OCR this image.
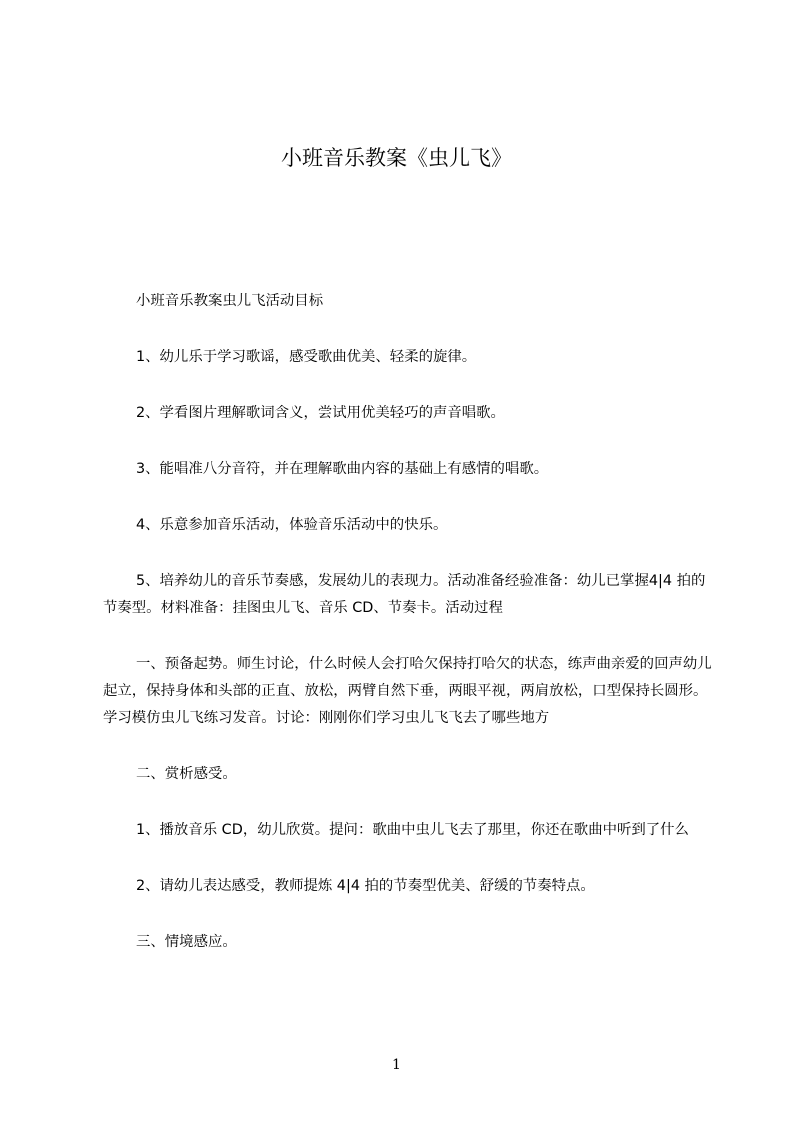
小班音乐教案《虫儿飞》

小班音乐教案虫儿飞活动目标

1、幼儿乐于学习歌谣，感受歌曲优美、轻柔的旋律。

2、学看图片理解歌词含义，尝试用优美轻巧的声音唱歌。

3、能唱准八分音符，并在理解歌曲内容的基础上有感情的唱歌。

4、乐意参加音乐活动，体验音乐活动中的快乐。

5、培养幼儿的音乐节奏感，发展幼儿的表现力。活动准备经验准备：幼儿已掌握4|4 拍的节奏型。材料准备：挂图虫儿飞、音乐 CD、节奏卡。活动过程

一、预备起势。师生讨论，什么时候人会打哈欠保持打哈欠的状态，练声曲亲爱的回声幼儿起立，保持身体和头部的正直、放松，两臂自然下垂，两眼平视，两肩放松，口型保持长圆形。学习模仿虫儿飞练习发音。讨论：刚刚你们学习虫儿飞飞去了哪些地方

二、赏析感受。

1、播放音乐 CD，幼儿欣赏。提问：歌曲中虫儿飞去了那里，你还在歌曲中听到了什么

2、请幼儿表达感受，教师提炼 4|4 拍的节奏型优美、舒缓的节奏特点。

三、情境感应。

1
